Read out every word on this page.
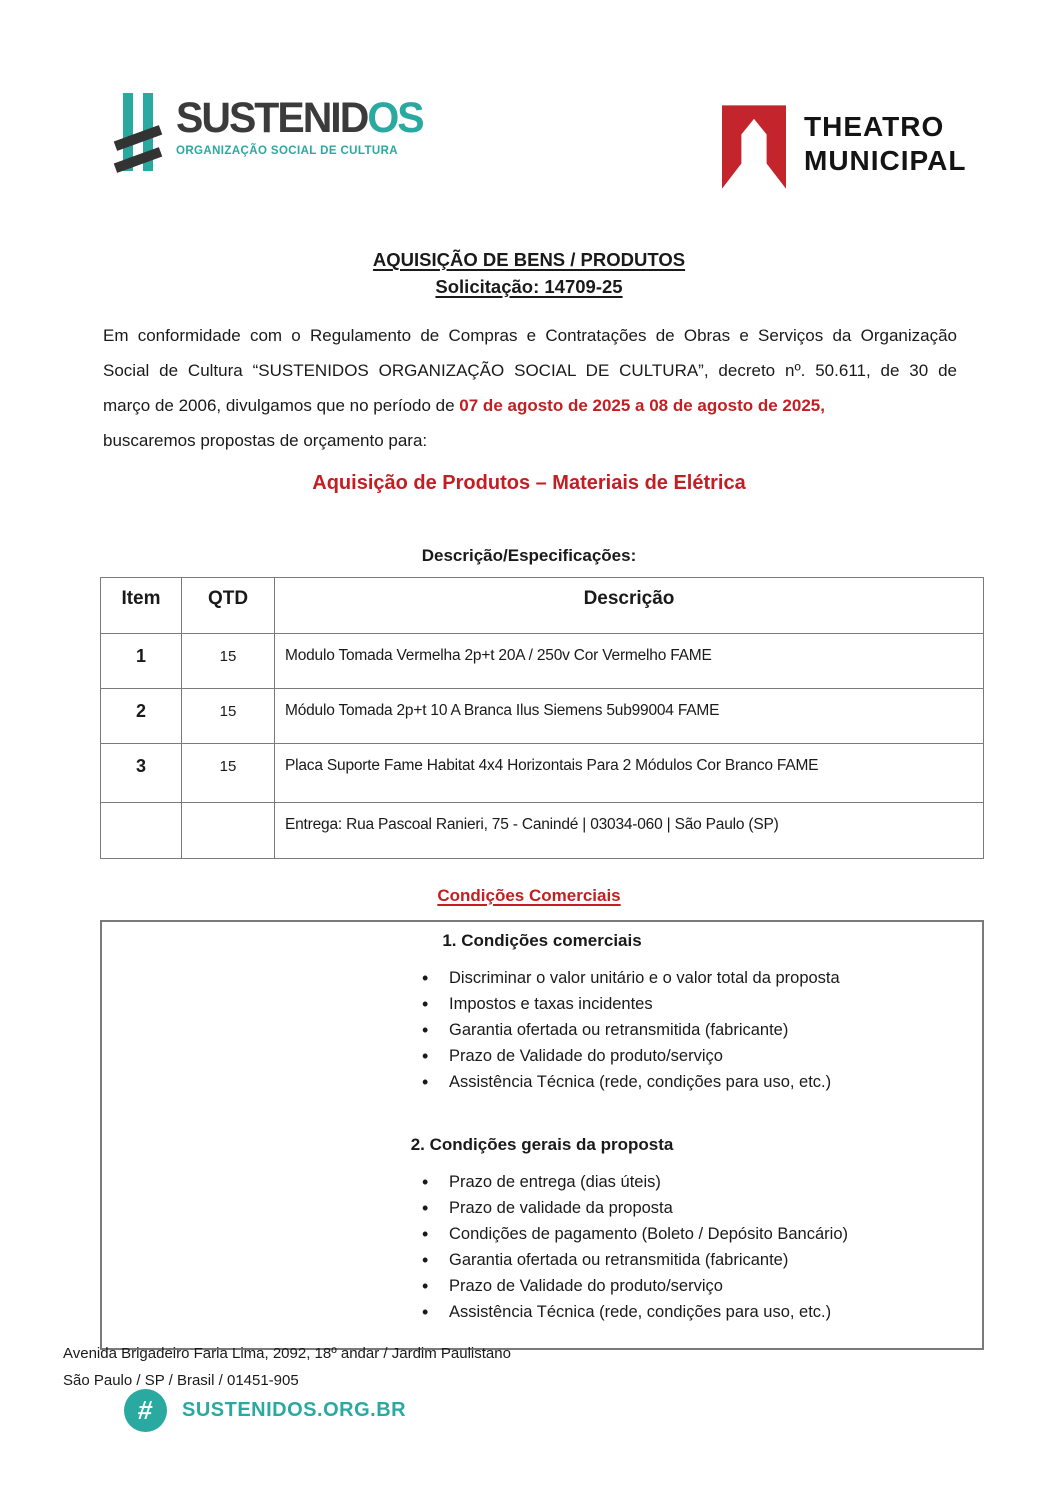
SUSTENIDOS
ORGANIZAÇÃO SOCIAL DE CULTURA
THEATRO
MUNICIPAL
AQUISIÇÃO DE BENS / PRODUTOS
Solicitação: 14709-25
Em conformidade com o Regulamento de Compras e Contratações de Obras e Serviços da Organização
Social de Cultura “SUSTENIDOS ORGANIZAÇÃO SOCIAL DE CULTURA”, decreto nº. 50.611, de 30 de
março de 2006, divulgamos que no período de 07 de agosto de 2025 a 08 de agosto de 2025,
buscaremos propostas de orçamento para:
Aquisição de Produtos – Materiais de Elétrica
Descrição/Especificações:
Item	QTD	Descrição
1	15	Modulo Tomada Vermelha 2p+t 20A / 250v Cor Vermelho FAME
2	15	Módulo Tomada 2p+t 10 A Branca Ilus Siemens 5ub99004 FAME
3	15	Placa Suporte Fame Habitat 4x4 Horizontais Para 2 Módulos Cor Branco FAME
		Entrega: Rua Pascoal Ranieri, 75 - Canindé | 03034-060 | São Paulo (SP)
Condições Comerciais
1. Condições comerciais
• Discriminar o valor unitário e o valor total da proposta
• Impostos e taxas incidentes
• Garantia ofertada ou retransmitida (fabricante)
• Prazo de Validade do produto/serviço
• Assistência Técnica (rede, condições para uso, etc.)
2. Condições gerais da proposta
• Prazo de entrega (dias úteis)
• Prazo de validade da proposta
• Condições de pagamento (Boleto / Depósito Bancário)
• Garantia ofertada ou retransmitida (fabricante)
• Prazo de Validade do produto/serviço
• Assistência Técnica (rede, condições para uso, etc.)
Avenida Brigadeiro Faria Lima, 2092, 18º andar / Jardim Paulistano
São Paulo / SP / Brasil / 01451-905
# SUSTENIDOS.ORG.BR
